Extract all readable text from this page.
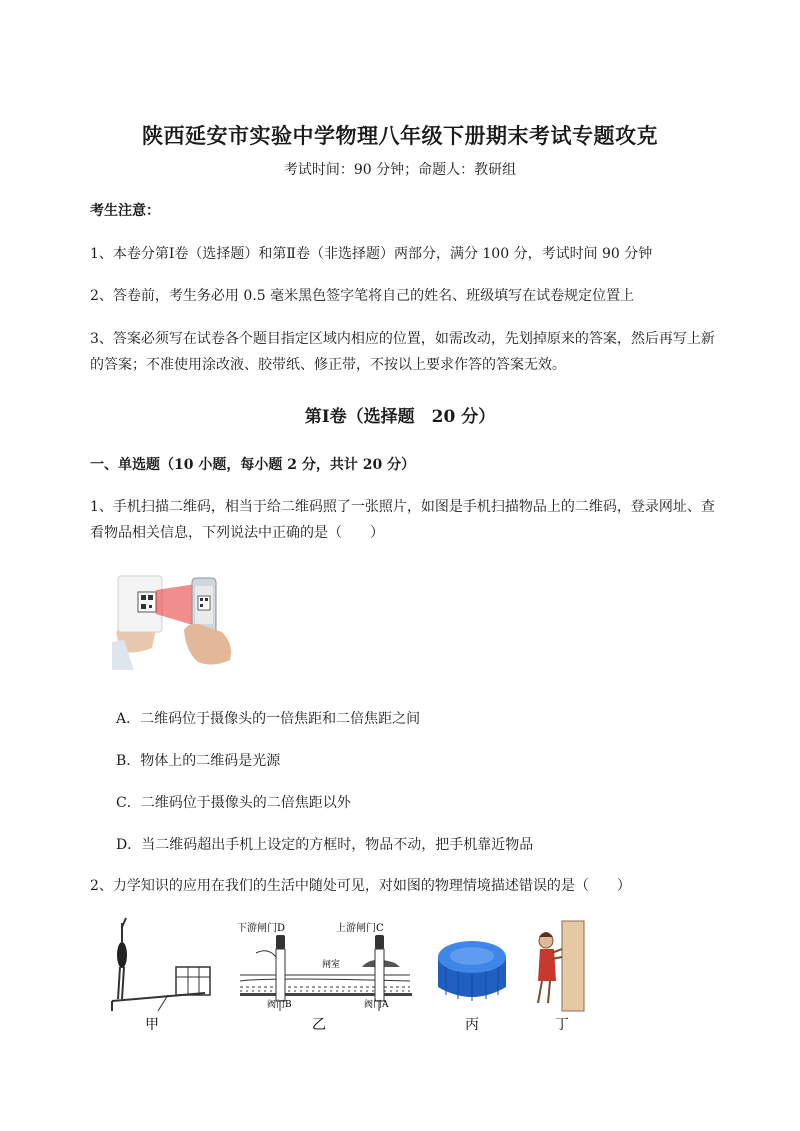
陕西延安市实验中学物理八年级下册期末考试专题攻克
考试时间：90 分钟；命题人：教研组
考生注意：
1、本卷分第Ⅰ卷（选择题）和第Ⅱ卷（非选择题）两部分，满分 100 分，考试时间 90 分钟
2、答卷前，考生务必用 0.5 毫米黑色签字笔将自己的姓名、班级填写在试卷规定位置上
3、答案必须写在试卷各个题目指定区域内相应的位置，如需改动，先划掉原来的答案，然后再写上新
的答案；不准使用涂改液、胶带纸、修正带，不按以上要求作答的答案无效。
第Ⅰ卷（选择题　20 分）
一、单选题（10 小题，每小题 2 分，共计 20 分）
1、手机扫描二维码，相当于给二维码照了一张照片，如图是手机扫描物品上的二维码，登录网址、查
看物品相关信息，下列说法中正确的是（　　）
A．二维码位于摄像头的一倍焦距和二倍焦距之间
B．物体上的二维码是光源
C．二维码位于摄像头的二倍焦距以外
D．当二维码超出手机上设定的方框时，物品不动，把手机靠近物品
2、力学知识的应用在我们的生活中随处可见，对如图的物理情境描述错误的是（　　）
下游闸门D	上游闸门C
闸室
阀门B	阀门A
甲	乙	丙	丁
